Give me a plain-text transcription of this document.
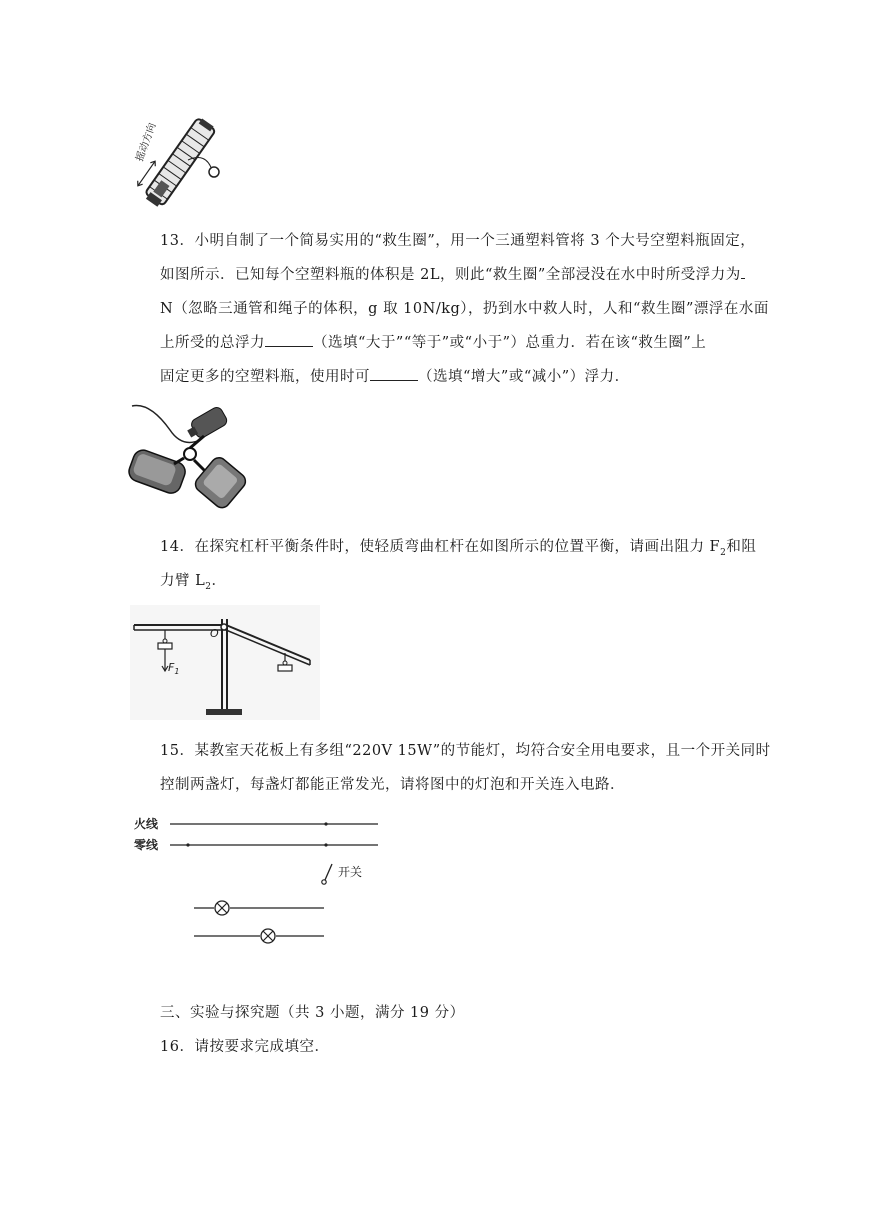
摇动方向
13．小明自制了一个简易实用的“救生圈”，用一个三通塑料管将 3 个大号空塑料瓶固定，
如图所示．已知每个空塑料瓶的体积是 2L，则此“救生圈”全部浸没在水中时所受浮力为
N（忽略三通管和绳子的体积，g 取 10N/kg），扔到水中救人时，人和“救生圈”漂浮在水面
上所受的总浮力	（选填“大于”“等于”或“小于”）总重力．若在该“救生圈”上
固定更多的空塑料瓶，使用时可	（选填“增大”或“减小”）浮力．
14．在探究杠杆平衡条件时，使轻质弯曲杠杆在如图所示的位置平衡，请画出阻力 $F_2$和阻
力臂 $L_2$．
O
$F_1$
15．某教室天花板上有多组“220V 15W”的节能灯，均符合安全用电要求，且一个开关同时
控制两盏灯，每盏灯都能正常发光，请将图中的灯泡和开关连入电路．
火线
零线
开关
三、实验与探究题（共 3 小题，满分 19 分）
16．请按要求完成填空．
